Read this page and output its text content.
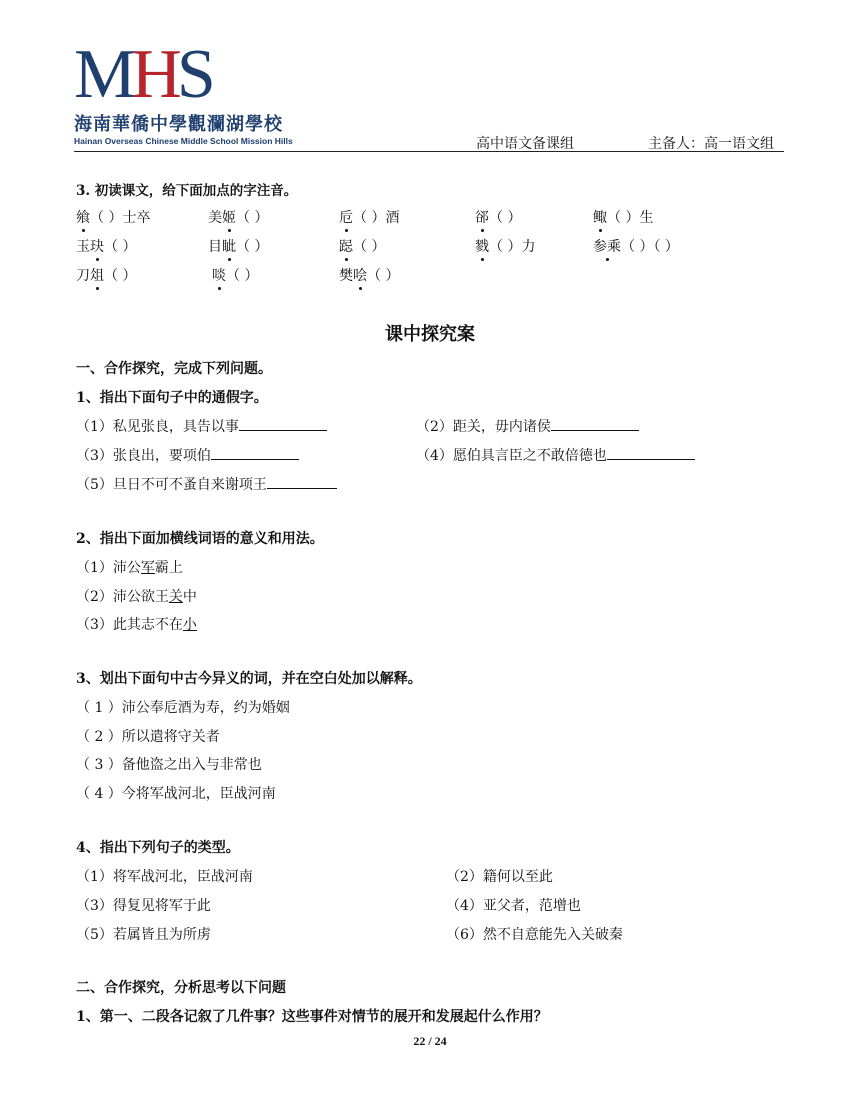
MHS
海南華僑中學觀瀾湖學校
Hainan Overseas Chinese Middle School Mission Hills	高中语文备课组	主备人：高一语文组
3. 初读课文，给下面加点的字注音。
飨（ ）士卒	美姬（ ）	卮（ ）酒	郤（ ）	鲰（ ）生
玉玦（ ）	目眦（ ）	跽（ ）	戮（ ）力	参乘（ ）（ ）
刀俎（ ）	啖（ ）	樊哙（ ）
课中探究案
一、合作探究，完成下列问题。
1、指出下面句子中的通假字。
（1）私见张良，具告以事	（2）距关，毋内诸侯
（3）张良出，要项伯	（4）愿伯具言臣之不敢倍德也
（5）旦日不可不蚤自来谢项王
2、指出下面加横线词语的意义和用法。
（1）沛公军霸上
（2）沛公欲王关中
（3）此其志不在小
3、划出下面句中古今异义的词，并在空白处加以解释。
（ 1 ）沛公奉卮酒为寿，约为婚姻
（ 2 ）所以遣将守关者
（ 3 ）备他盗之出入与非常也
（ 4 ）今将军战河北，臣战河南
4、指出下列句子的类型。
（1）将军战河北，臣战河南	（2）籍何以至此
（3）得复见将军于此	（4）亚父者，范增也
（5）若属皆且为所虏	（6）然不自意能先入关破秦
二、合作探究，分析思考以下问题
1、第一、二段各记叙了几件事？这些事件对情节的展开和发展起什么作用？
22 / 24
